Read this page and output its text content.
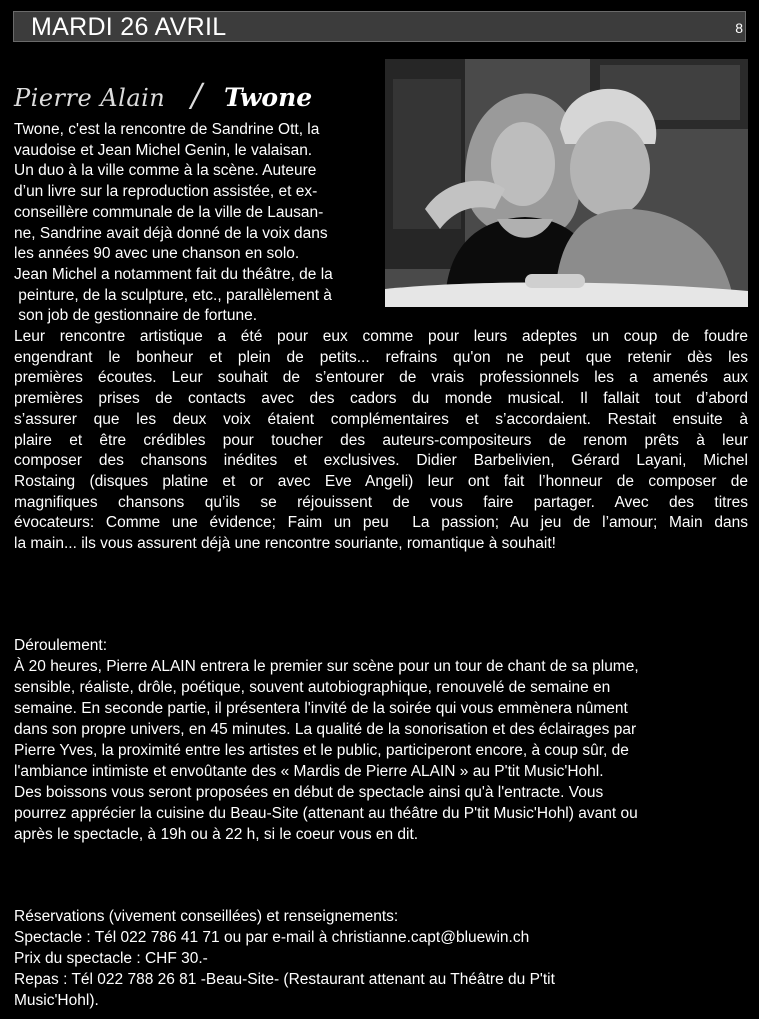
MARDI 26 AVRIL	8
Pierre Alain / Twone
Twone, c'est la rencontre de Sandrine Ott, la
vaudoise et Jean Michel Genin, le valaisan.
Un duo à la ville comme à la scène. Auteure
d’un livre sur la reproduction assistée, et ex-
conseillère communale de la ville de Lausan-
ne, Sandrine avait déjà donné de la voix dans
les années 90 avec une chanson en solo.
Jean Michel a notamment fait du théâtre, de la
peinture, de la sculpture, etc., parallèlement à
son job de gestionnaire de fortune.
Leur rencontre artistique a été pour eux comme pour leurs adeptes un coup de foudre
engendrant le bonheur et plein de petits... refrains qu'on ne peut que retenir dès les
premières écoutes. Leur souhait de s’entourer de vrais professionnels les a amenés aux
premières prises de contacts avec des cadors du monde musical. Il fallait tout d’abord
s’assurer que les deux voix étaient complémentaires et s’accordaient. Restait ensuite à
plaire et être crédibles pour toucher des auteurs-compositeurs de renom prêts à leur
composer des chansons inédites et exclusives. Didier Barbelivien, Gérard Layani, Michel
Rostaing (disques platine et or avec Eve Angeli) leur ont fait l’honneur de composer de
magnifiques chansons qu’ils se réjouissent de vous faire partager. Avec des titres
évocateurs: Comme une évidence; Faim un peu  La passion; Au jeu de l’amour; Main dans
la main... ils vous assurent déjà une rencontre souriante, romantique à souhait!
Déroulement:
À 20 heures, Pierre ALAIN entrera le premier sur scène pour un tour de chant de sa plume,
sensible, réaliste, drôle, poétique, souvent autobiographique, renouvelé de semaine en
semaine. En seconde partie, il présentera l'invité de la soirée qui vous emmènera nûment
dans son propre univers, en 45 minutes. La qualité de la sonorisation et des éclairages par
Pierre Yves, la proximité entre les artistes et le public, participeront encore, à coup sûr, de
l'ambiance intimiste et envoûtante des « Mardis de Pierre ALAIN » au P'tit Music'Hohl.
Des boissons vous seront proposées en début de spectacle ainsi qu'à l'entracte. Vous
pourrez apprécier la cuisine du Beau-Site (attenant au théâtre du P'tit Music'Hohl) avant ou
après le spectacle, à 19h ou à 22 h, si le coeur vous en dit.
Réservations (vivement conseillées) et renseignements:
Spectacle : Tél 022 786 41 71 ou par e-mail à christianne.capt@bluewin.ch
Prix du spectacle : CHF 30.-
Repas : Tél 022 788 26 81 -Beau-Site- (Restaurant attenant au Théâtre du P'tit
Music'Hohl).
